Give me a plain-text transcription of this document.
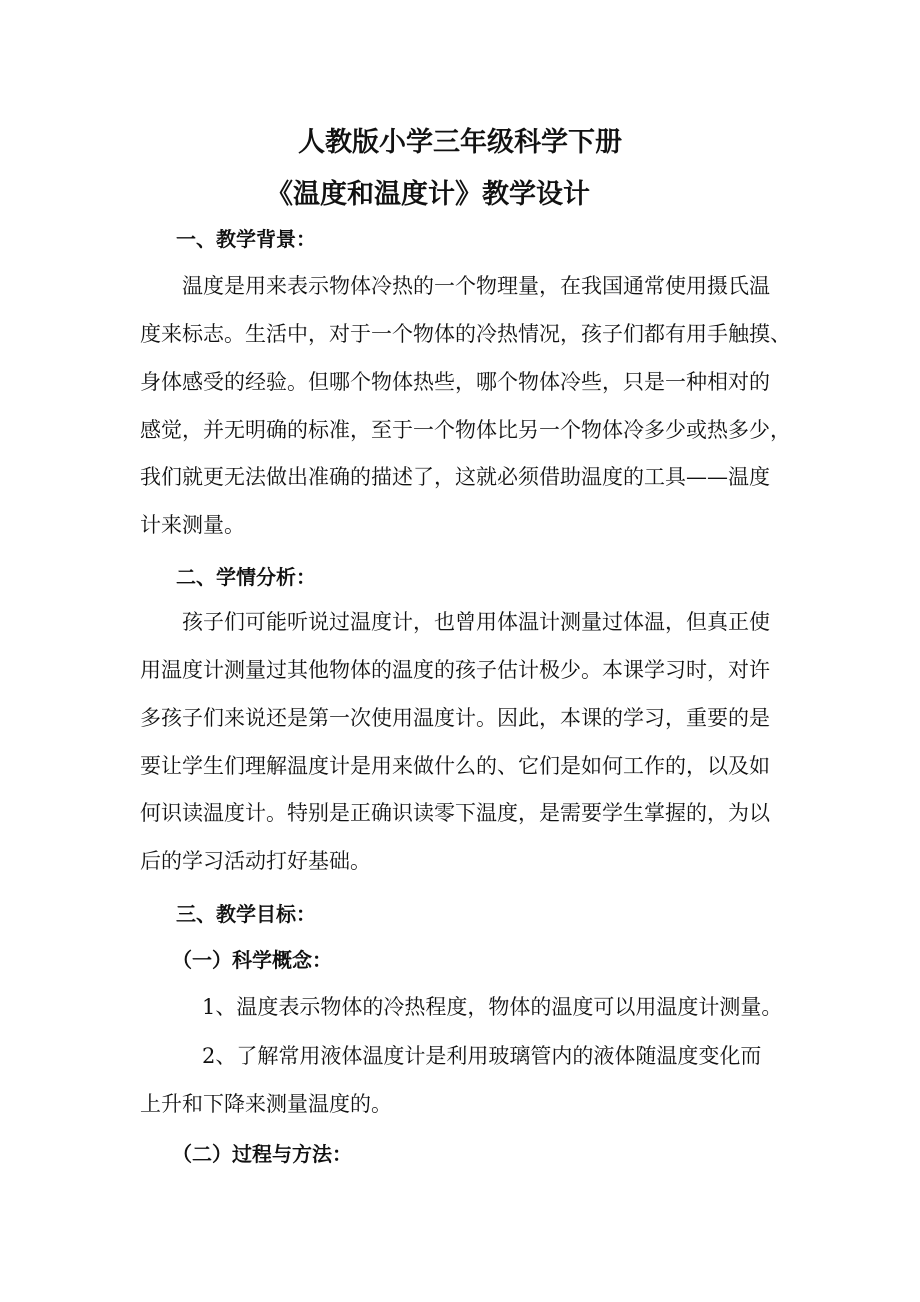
人教版小学三年级科学下册
《温度和温度计》教学设计
一、教学背景：
温度是用来表示物体冷热的一个物理量，在我国通常使用摄氏温
度来标志。生活中，对于一个物体的冷热情况，孩子们都有用手触摸、
身体感受的经验。但哪个物体热些，哪个物体冷些，只是一种相对的
感觉，并无明确的标准，至于一个物体比另一个物体冷多少或热多少，
我们就更无法做出准确的描述了，这就必须借助温度的工具——温度
计来测量。
二、学情分析：
孩子们可能听说过温度计，也曾用体温计测量过体温，但真正使
用温度计测量过其他物体的温度的孩子估计极少。本课学习时，对许
多孩子们来说还是第一次使用温度计。因此，本课的学习，重要的是
要让学生们理解温度计是用来做什么的、它们是如何工作的，以及如
何识读温度计。特别是正确识读零下温度，是需要学生掌握的，为以
后的学习活动打好基础。
三、教学目标：
（一）科学概念：
1、温度表示物体的冷热程度，物体的温度可以用温度计测量。
2、了解常用液体温度计是利用玻璃管内的液体随温度变化而
上升和下降来测量温度的。
（二）过程与方法：
